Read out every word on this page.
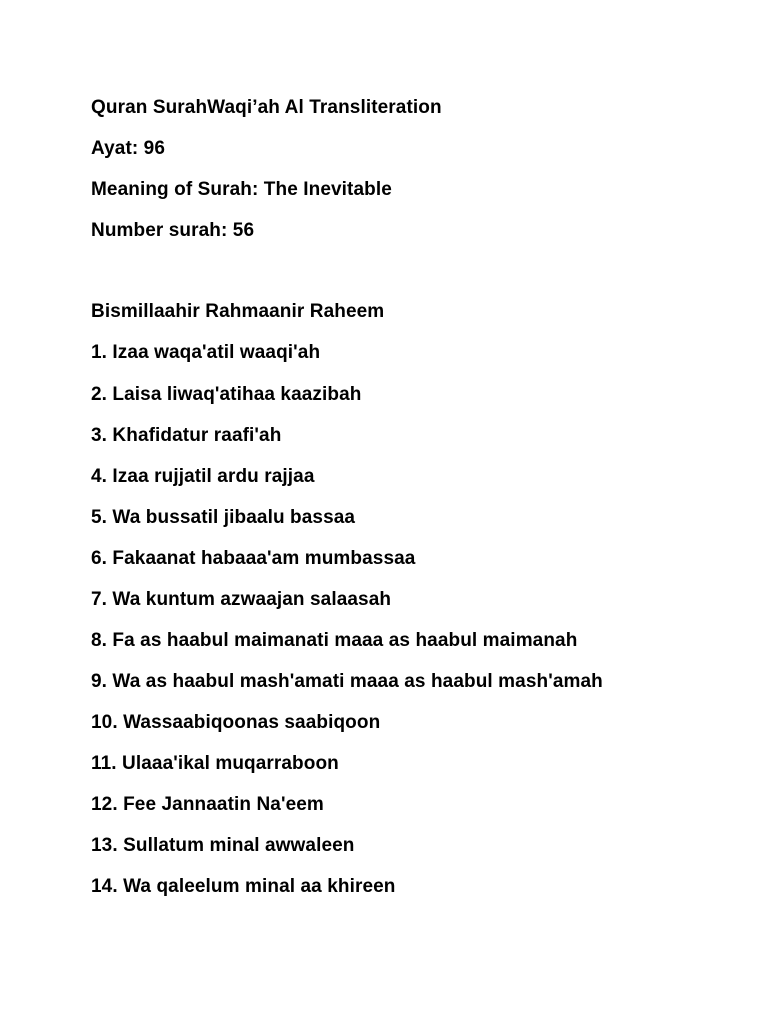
Quran SurahWaqi’ah Al Transliteration
Ayat: 96
Meaning of Surah: The Inevitable
Number surah: 56
Bismillaahir Rahmaanir Raheem
1. Izaa waqa'atil waaqi'ah
2. Laisa liwaq'atihaa kaazibah
3. Khafidatur raafi'ah
4. Izaa rujjatil ardu rajjaa
5. Wa bussatil jibaalu bassaa
6. Fakaanat habaaa'am mumbassaa
7. Wa kuntum azwaajan salaasah
8. Fa as haabul maimanati maaa as haabul maimanah
9. Wa as haabul mash'amati maaa as haabul mash'amah
10. Wassaabiqoonas saabiqoon
11. Ulaaa'ikal muqarraboon
12. Fee Jannaatin Na'eem
13. Sullatum minal awwaleen
14. Wa qaleelum minal aa khireen
